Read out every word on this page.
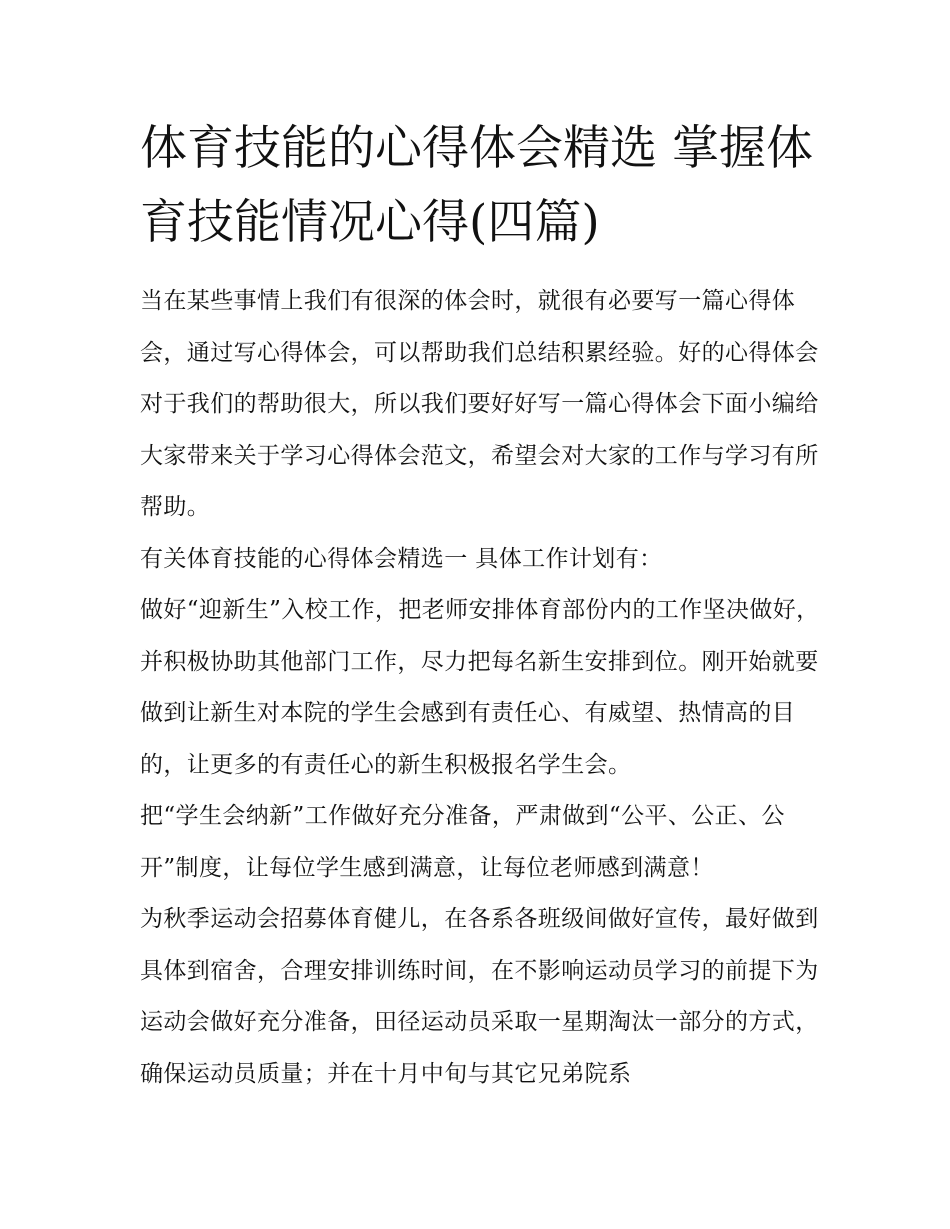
体育技能的心得体会精选 掌握体育技能情况心得(四篇)

当在某些事情上我们有很深的体会时，就很有必要写一篇心得体会，通过写心得体会，可以帮助我们总结积累经验。好的心得体会对于我们的帮助很大，所以我们要好好写一篇心得体会下面小编给大家带来关于学习心得体会范文，希望会对大家的工作与学习有所帮助。

有关体育技能的心得体会精选一 具体工作计划有：

做好“迎新生”入校工作，把老师安排体育部份内的工作坚决做好，并积极协助其他部门工作，尽力把每名新生安排到位。刚开始就要做到让新生对本院的学生会感到有责任心、有威望、热情高的目的，让更多的有责任心的新生积极报名学生会。

把“学生会纳新”工作做好充分准备，严肃做到“公平、公正、公开”制度，让每位学生感到满意，让每位老师感到满意！

为秋季运动会招募体育健儿，在各系各班级间做好宣传，最好做到具体到宿舍，合理安排训练时间，在不影响运动员学习的前提下为运动会做好充分准备，田径运动员采取一星期淘汰一部分的方式，确保运动员质量；并在十月中旬与其它兄弟院系
